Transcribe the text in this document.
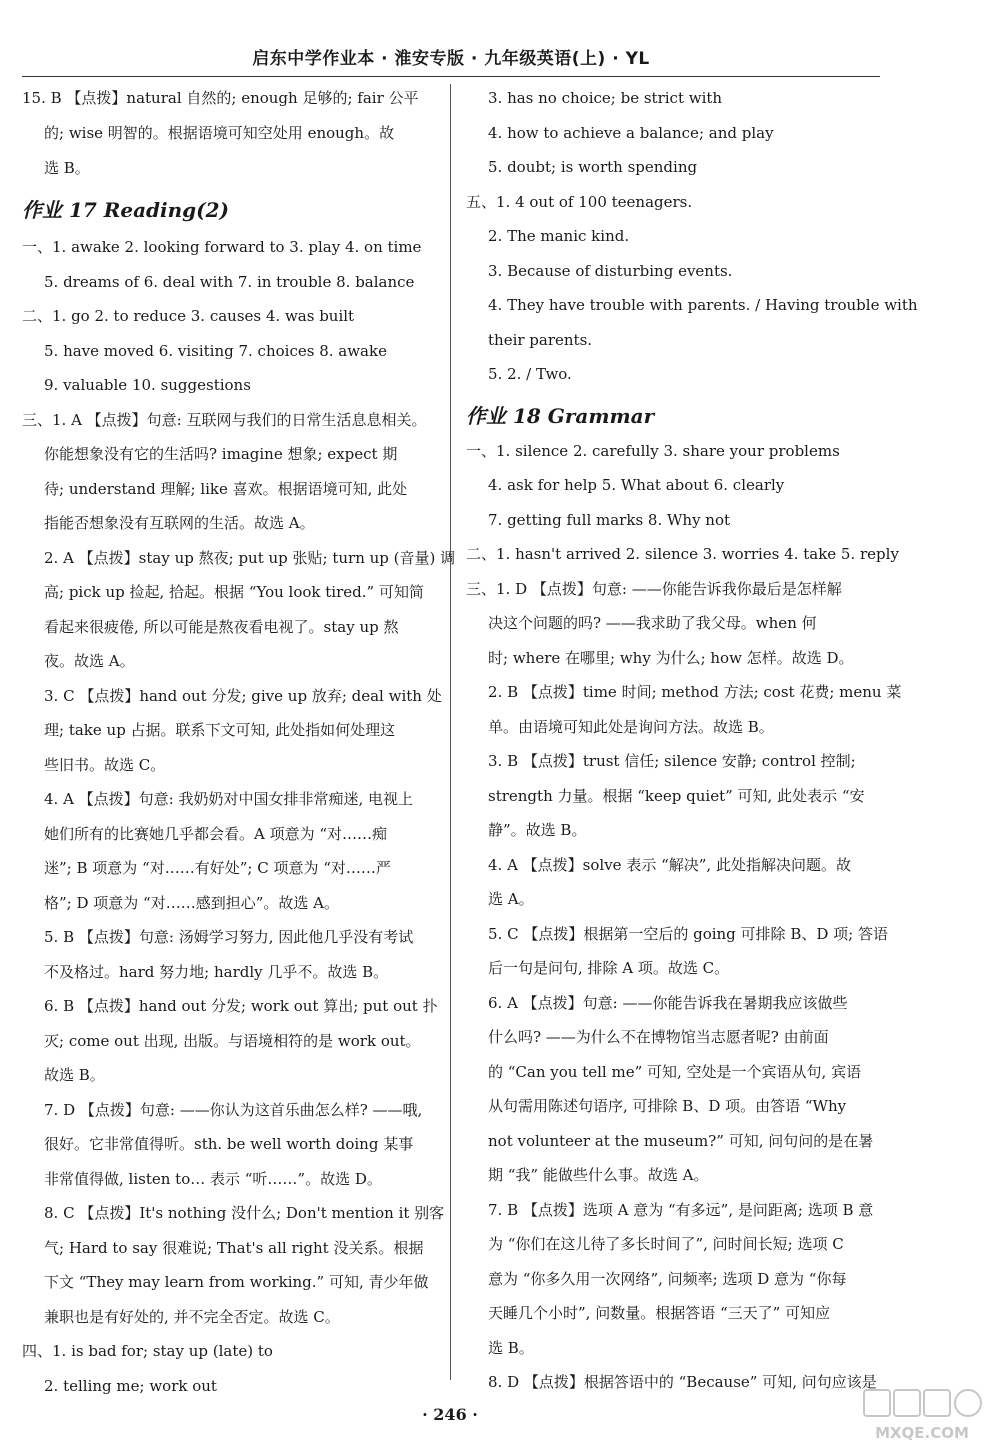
启东中学作业本 · 淮安专版 · 九年级英语(上) · YL
15. B 【点拨】natural 自然的; enough 足够的; fair 公平
的; wise 明智的。根据语境可知空处用 enough。故
选 B。
作业 17 Reading(2)
一、1. awake 2. looking forward to 3. play 4. on time
5. dreams of 6. deal with 7. in trouble 8. balance
二、1. go 2. to reduce 3. causes 4. was built
5. have moved 6. visiting 7. choices 8. awake
9. valuable 10. suggestions
三、1. A 【点拨】句意: 互联网与我们的日常生活息息相关。
你能想象没有它的生活吗? imagine 想象; expect 期
待; understand 理解; like 喜欢。根据语境可知, 此处
指能否想象没有互联网的生活。故选 A。
2. A 【点拨】stay up 熬夜; put up 张贴; turn up (音量) 调
高; pick up 捡起, 拾起。根据 “You look tired.” 可知简
看起来很疲倦, 所以可能是熬夜看电视了。stay up 熬
夜。故选 A。
3. C 【点拨】hand out 分发; give up 放弃; deal with 处
理; take up 占据。联系下文可知, 此处指如何处理这
些旧书。故选 C。
4. A 【点拨】句意: 我奶奶对中国女排非常痴迷, 电视上
她们所有的比赛她几乎都会看。A 项意为 “对……痴
迷”; B 项意为 “对……有好处”; C 项意为 “对……严
格”; D 项意为 “对……感到担心”。故选 A。
5. B 【点拨】句意: 汤姆学习努力, 因此他几乎没有考试
不及格过。hard 努力地; hardly 几乎不。故选 B。
6. B 【点拨】hand out 分发; work out 算出; put out 扑
灭; come out 出现, 出版。与语境相符的是 work out。
故选 B。
7. D 【点拨】句意: ——你认为这首乐曲怎么样? ——哦,
很好。它非常值得听。sth. be well worth doing 某事
非常值得做, listen to… 表示 “听……”。故选 D。
8. C 【点拨】It's nothing 没什么; Don't mention it 别客
气; Hard to say 很难说; That's all right 没关系。根据
下文 “They may learn from working.” 可知, 青少年做
兼职也是有好处的, 并不完全否定。故选 C。
四、1. is bad for; stay up (late) to
2. telling me; work out
3. has no choice; be strict with
4. how to achieve a balance; and play
5. doubt; is worth spending
五、1. 4 out of 100 teenagers.
2. The manic kind.
3. Because of disturbing events.
4. They have trouble with parents. / Having trouble with
their parents.
5. 2. / Two.
作业 18 Grammar
一、1. silence 2. carefully 3. share your problems
4. ask for help 5. What about 6. clearly
7. getting full marks 8. Why not
二、1. hasn't arrived 2. silence 3. worries 4. take 5. reply
三、1. D 【点拨】句意: ——你能告诉我你最后是怎样解
决这个问题的吗? ——我求助了我父母。when 何
时; where 在哪里; why 为什么; how 怎样。故选 D。
2. B 【点拨】time 时间; method 方法; cost 花费; menu 菜
单。由语境可知此处是询问方法。故选 B。
3. B 【点拨】trust 信任; silence 安静; control 控制;
strength 力量。根据 “keep quiet” 可知, 此处表示 “安
静”。故选 B。
4. A 【点拨】solve 表示 “解决”, 此处指解决问题。故
选 A。
5. C 【点拨】根据第一空后的 going 可排除 B、D 项; 答语
后一句是问句, 排除 A 项。故选 C。
6. A 【点拨】句意: ——你能告诉我在暑期我应该做些
什么吗? ——为什么不在博物馆当志愿者呢? 由前面
的 “Can you tell me” 可知, 空处是一个宾语从句, 宾语
从句需用陈述句语序, 可排除 B、D 项。由答语 “Why
not volunteer at the museum?” 可知, 问句问的是在暑
期 “我” 能做些什么事。故选 A。
7. B 【点拨】选项 A 意为 “有多远”, 是问距离; 选项 B 意
为 “你们在这儿待了多长时间了”, 问时间长短; 选项 C
意为 “你多久用一次网络”, 问频率; 选项 D 意为 “你每
天睡几个小时”, 问数量。根据答语 “三天了” 可知应
选 B。
8. D 【点拨】根据答语中的 “Because” 可知, 问句应该是
· 246 ·
MXQE.COM
